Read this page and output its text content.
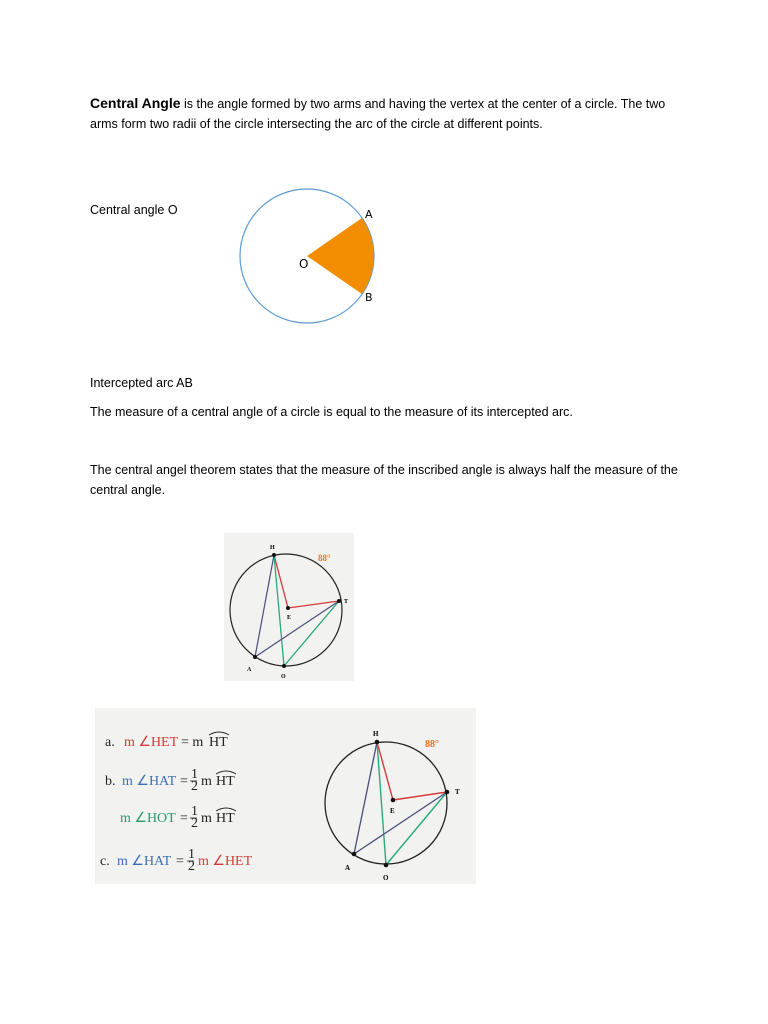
Central Angle is the angle formed by two arms and having the vertex at the center of a circle. The two arms form two radii of the circle intersecting the arc of the circle at different points.
Central angle O
O
A
B
Intercepted arc AB
The measure of a central angle of a circle is equal to the measure of its intercepted arc.
The central angel theorem states that the measure of the inscribed angle is always half the measure of the central angle.
H
T
E
A
O
88°
a. m ∠HET = m HT
b. m ∠HAT = 1
2 m HT
m ∠HOT = 1
2 m HT
c. m ∠HAT = 1
2 m ∠HET
H
T
E
A
O
88°
